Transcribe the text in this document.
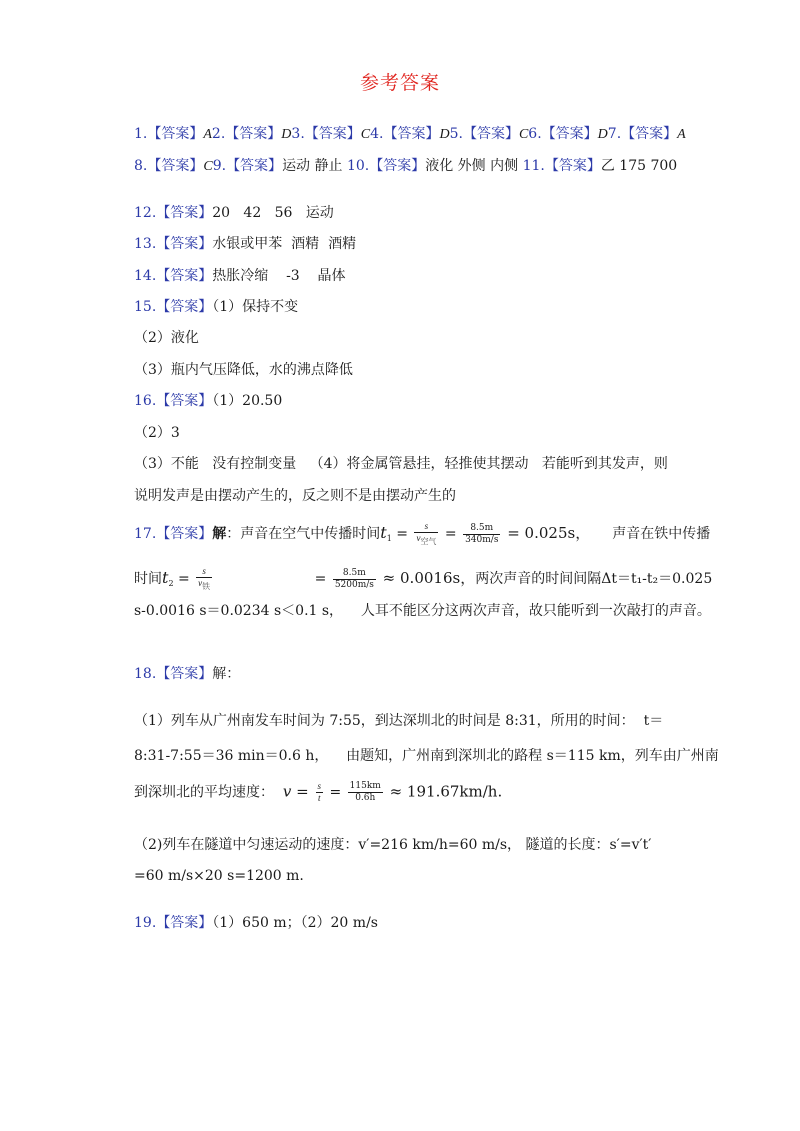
参考答案
1.【答案】A2.【答案】D3.【答案】C4.【答案】D5.【答案】C6.【答案】D7.【答案】A
8.【答案】C9.【答案】运动 静止 10.【答案】液化 外侧 内侧 11.【答案】乙 175 700
12.【答案】20   42   56   运动
13.【答案】水银或甲苯  酒精  酒精
14.【答案】热胀冷缩    -3    晶体
15.【答案】（1）保持不变
（2）液化
（3）瓶内气压降低，水的沸点降低
16.【答案】（1）20.50
（2）3
（3）不能   没有控制变量   （4）将金属管悬挂，轻推使其摆动   若能听到其发声，则
说明发声是由摆动产生的，反之则不是由摆动产生的
17.【答案】解：声音在空气中传播时间$t_1 = \frac{s}{\text{v空气}} = \frac{8.5m}{340m/s} = 0.025s$， 声音在铁中传播
时间$t_2 = \frac{s}{\text{v铁}}$	= $\frac{8.5m}{5200m/s} \approx 0.0016s$，两次声音的时间间隔Δt＝t₁-t₂＝0.025
s-0.0016 s＝0.0234 s＜0.1 s，    人耳不能区分这两次声音，故只能听到一次敲打的声音。
18.【答案】解：
（1）列车从广州南发车时间为 7:55，到达深圳北的时间是 8:31，所用的时间：  t＝
8:31-7:55＝36 min＝0.6 h，    由题知，广州南到深圳北的路程 s＝115 km，列车由广州南
到深圳北的平均速度：  $v = \frac{s}{t} = \frac{115km}{0.6h} \approx 191.67km/h$.
（2)列车在隧道中匀速运动的速度：v′=216 km/h=60 m/s， 隧道的长度：s′=v′t′
=60 m/s×20 s=1200 m.
19.【答案】（1）650 m；（2）20 m/s
